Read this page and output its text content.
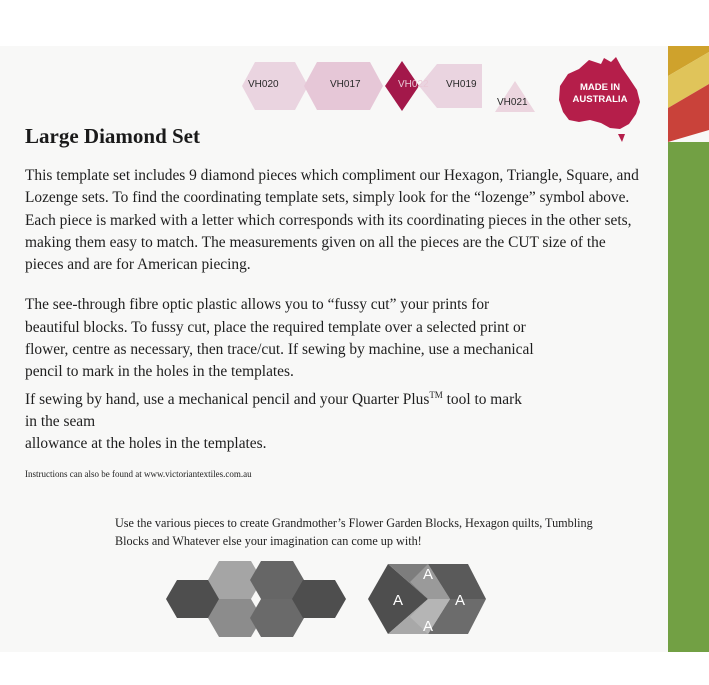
VH020	VH017	VH022 VH019
VH021
MADE IN
AUSTRALIA
Large Diamond Set

This template set includes 9 diamond pieces which compliment our Hexagon, Triangle, Square, and Lozenge sets. To find the coordinating template sets, simply look for the “lozenge” symbol above. Each piece is marked with a letter which corresponds with its coordinating pieces in the other sets, making them easy to match. The measurements given on all the pieces are the CUT size of the pieces and are for American piecing.

The see-through fibre optic plastic allows you to “fussy cut” your prints for
beautiful blocks. To fussy cut, place the required template over a selected print or
flower, centre as necessary, then trace/cut. If sewing by machine, use a mechanical
pencil to mark in the holes in the templates.
If sewing by hand, use a mechanical pencil and your Quarter Plus™ tool to mark
in the seam
allowance at the holes in the templates.

Instructions can also be found at www.victoriantextiles.com.au
Use the various pieces to create Grandmother’s Flower Garden Blocks, Hexagon quilts, Tumbling Blocks and Whatever else your imagination can come up with!
A
A
A
A
